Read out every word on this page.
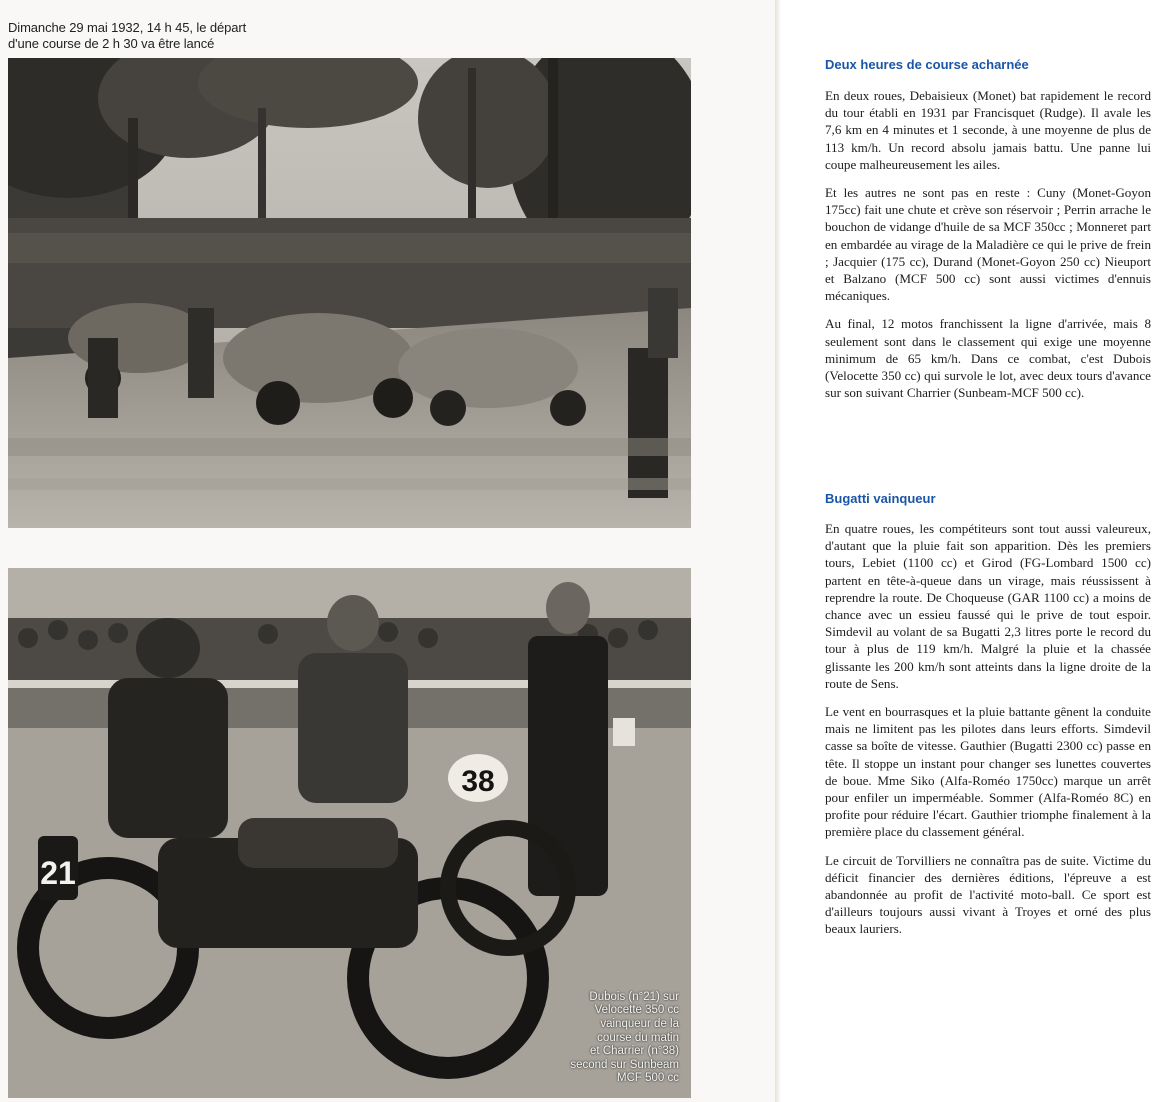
Dimanche 29 mai 1932, 14 h 45, le départ
d'une course de 2 h 30 va être lancé
21
38
Dubois (n°21) sur
Velocette 350 cc
vainqueur de la
course du matin
et Charrier (n°38)
second sur Sunbeam
MCF 500 cc
Deux heures de course acharnée

En deux roues, Debaisieux (Monet) bat rapidement le record du tour établi en 1931 par Francisquet (Rudge). Il avale les 7,6 km en 4 minutes et 1 seconde, à une moyenne de plus de 113 km/h. Un record absolu jamais battu. Une panne lui coupe malheureusement les ailes.

Et les autres ne sont pas en reste : Cuny (Monet-Goyon 175cc) fait une chute et crève son réservoir ; Perrin arrache le bouchon de vidange d'huile de sa MCF 350cc ; Monneret part en embardée au virage de la Maladière ce qui le prive de frein ; Jacquier (175 cc), Durand (Monet-Goyon 250 cc) Nieuport et Balzano (MCF 500 cc) sont aussi victimes d'ennuis mécaniques.

Au final, 12 motos franchissent la ligne d'arrivée, mais 8 seulement sont dans le classement qui exige une moyenne minimum de 65 km/h. Dans ce combat, c'est Dubois (Velocette 350 cc) qui survole le lot, avec deux tours d'avance sur son suivant Charrier (Sunbeam-MCF 500 cc).

Bugatti vainqueur

En quatre roues, les compétiteurs sont tout aussi valeureux, d'autant que la pluie fait son apparition. Dès les premiers tours, Lebiet (1100 cc) et Girod (FG-Lombard 1500 cc) partent en tête-à-queue dans un virage, mais réussissent à reprendre la route. De Choqueuse (GAR 1100 cc) a moins de chance avec un essieu faussé qui le prive de tout espoir. Simdevil au volant de sa Bugatti 2,3 litres porte le record du tour à plus de 119 km/h. Malgré la pluie et la chassée glissante les 200 km/h sont atteints dans la ligne droite de la route de Sens.

Le vent en bourrasques et la pluie battante gênent la conduite mais ne limitent pas les pilotes dans leurs efforts. Simdevil casse sa boîte de vitesse. Gauthier (Bugatti 2300 cc) passe en tête. Il stoppe un instant pour changer ses lunettes couvertes de boue. Mme Siko (Alfa-Roméo 1750cc) marque un arrêt pour enfiler un imperméable. Sommer (Alfa-Roméo 8C) en profite pour réduire l'écart. Gauthier triomphe finalement à la première place du classement général.

Le circuit de Torvilliers ne connaîtra pas de suite. Victime du déficit financier des dernières éditions, l'épreuve a est abandonnée au profit de l'activité moto-ball. Ce sport est d'ailleurs toujours aussi vivant à Troyes et orné des plus beaux lauriers.
